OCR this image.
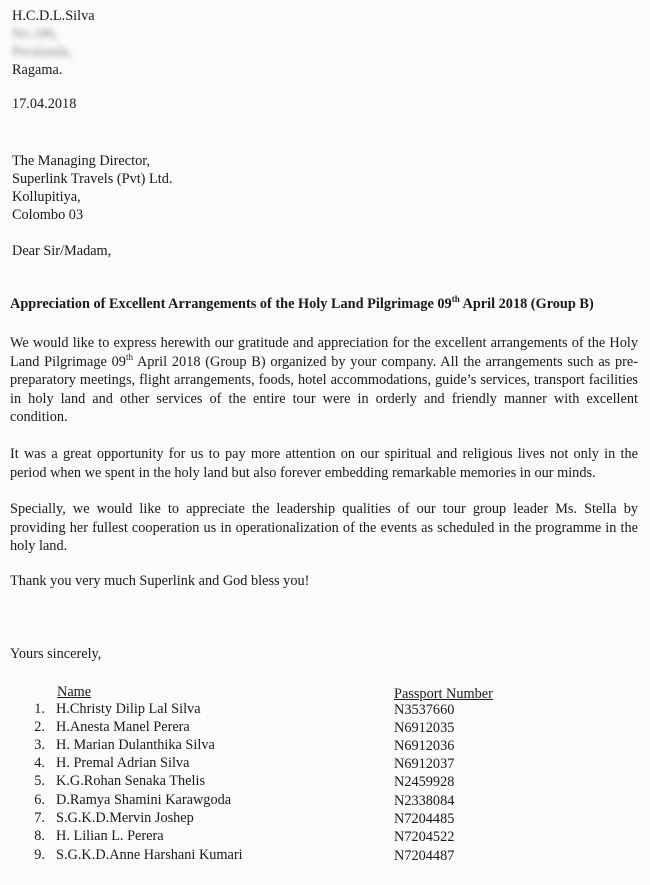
H.C.D.L.Silva
No.186,
Peralanda,
Ragama.
17.04.2018
The Managing Director,
Superlink Travels (Pvt) Ltd.
Kollupitiya,
Colombo 03
Dear Sir/Madam,
Appreciation of Excellent Arrangements of the Holy Land Pilgrimage 09th April 2018 (Group B)
We would like to express herewith our gratitude and appreciation for the excellent arrangements of the Holy Land Pilgrimage 09th April 2018 (Group B) organized by your company. All the arrangements such as pre-preparatory meetings, flight arrangements, foods, hotel accommodations, guide’s services, transport facilities in holy land and other services of the entire tour were in orderly and friendly manner with excellent condition.
It was a great opportunity for us to pay more attention on our spiritual and religious lives not only in the period when we spent in the holy land but also forever embedding remarkable memories in our minds.
Specially, we would like to appreciate the leadership qualities of our tour group leader Ms. Stella by providing her fullest cooperation us in operationalization of the events as scheduled in the programme in the holy land.
Thank you very much Superlink and God bless you!
Yours sincerely,
Name	Passport Number
1. H.Christy Dilip Lal Silva	N3537660
2. H.Anesta Manel Perera	N6912035
3. H. Marian Dulanthika Silva	N6912036
4. H. Premal Adrian Silva	N6912037
5. K.G.Rohan Senaka Thelis	N2459928
6. D.Ramya Shamini Karawgoda	N2338084
7. S.G.K.D.Mervin Joshep	N7204485
8. H. Lilian L. Perera	N7204522
9. S.G.K.D.Anne Harshani Kumari	N7204487
